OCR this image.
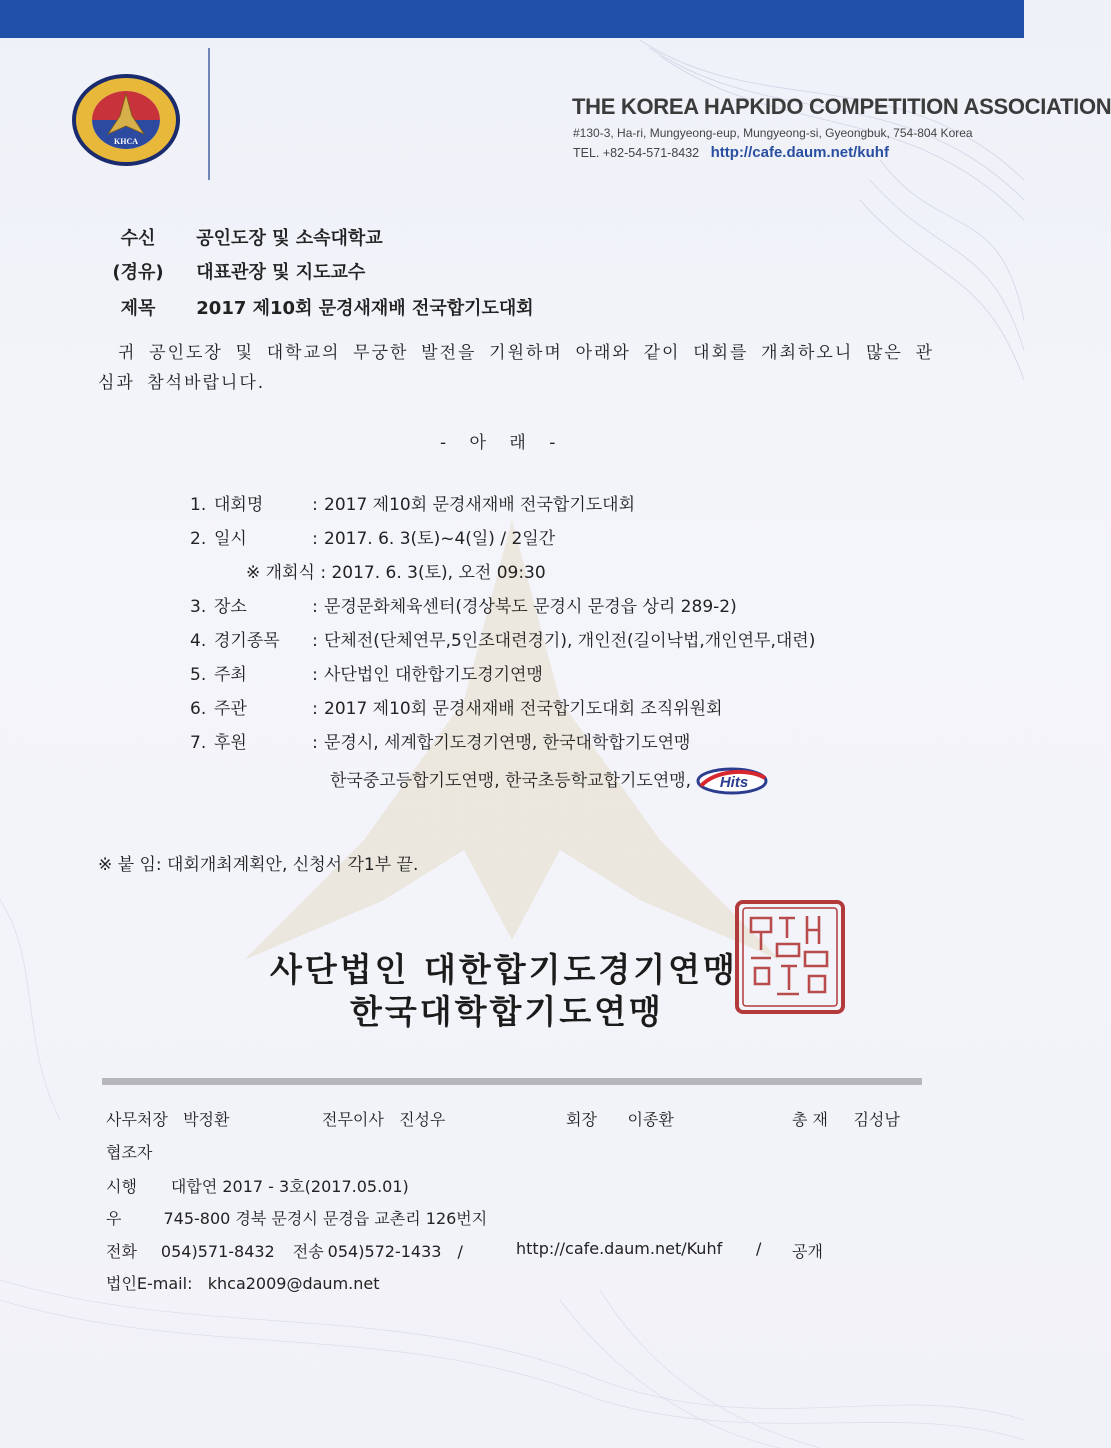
KHCA
THE KOREA HAPKIDO COMPETITION ASSOCIATION
#130-3, Ha-ri, Mungyeong-eup, Mungyeong-si, Gyeongbuk, 754-804 Korea
TEL. +82-54-571-8432 http://cafe.daum.net/kuhf
수신 공인도장 및 소속대학교
(경유) 대표관장 및 지도교수
제목 2017 제10회 문경새재배 전국합기도대회
귀 공인도장 및 대학교의 무궁한 발전을 기원하며 아래와 같이 대회를 개최하오니 많은 관심과 참석바랍니다.
- 아 래 -
1. 대회명	: 2017 제10회 문경새재배 전국합기도대회
2. 일시	: 2017. 6. 3(토)~4(일) / 2일간
※ 개회식 : 2017. 6. 3(토), 오전 09:30
3. 장소	: 문경문화체육센터(경상북도 문경시 문경읍 상리 289-2)
4. 경기종목 : 단체전(단체연무,5인조대련경기), 개인전(길이낙법,개인연무,대련)
5. 주최	: 사단법인 대한합기도경기연맹
6. 주관	: 2017 제10회 문경새재배 전국합기도대회 조직위원회
7. 후원	: 문경시, 세계합기도경기연맹, 한국대학합기도연맹
한국중고등합기도연맹, 한국초등학교합기도연맹, Hits
※ 붙 임: 대회개최계획안, 신청서 각1부 끝.
사단법인 대한합기도경기연맹
한국대학합기도연맹
사무처장 박정환	전무이사 진성우	회장 이종환	총 재 김성남
협조자
시행 대합연 2017 - 3호(2017.05.01)
우	745-800 경북 문경시 문경읍 교촌리 126번지
전화 054)571-8432 전송 054)572-1433 /	http://cafe.daum.net/Kuhf / 공개
법인E-mail: khca2009@daum.net
